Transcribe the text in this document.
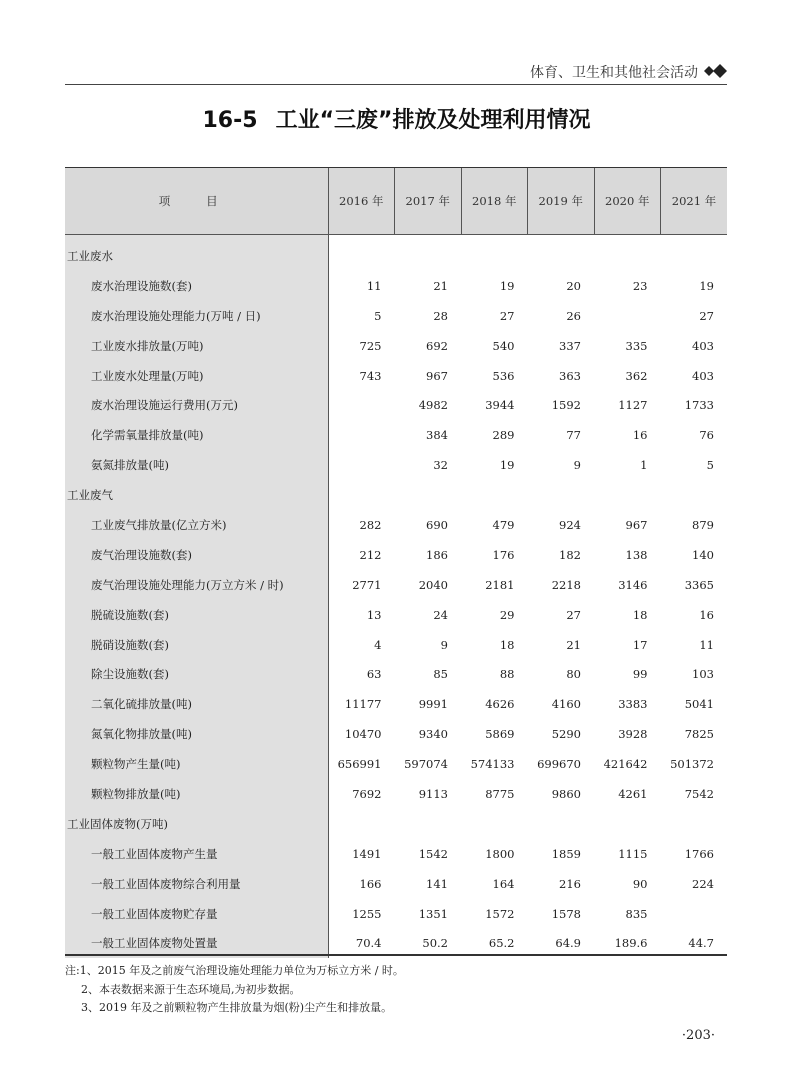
体育、卫生和其他社会活动
16-5 工业“三废”排放及处理利用情况
项 目	2016 年	2017 年	2018 年	2019 年	2020 年	2021 年
工业废水						
废水治理设施数(套)	11	21	19	20	23	19
废水治理设施处理能力(万吨 / 日)	5	28	27	26		27
工业废水排放量(万吨)	725	692	540	337	335	403
工业废水处理量(万吨)	743	967	536	363	362	403
废水治理设施运行费用(万元)		4982	3944	1592	1127	1733
化学需氧量排放量(吨)		384	289	77	16	76
氨氮排放量(吨)		32	19	9	1	5
工业废气						
工业废气排放量(亿立方米)	282	690	479	924	967	879
废气治理设施数(套)	212	186	176	182	138	140
废气治理设施处理能力(万立方米 / 时)	2771	2040	2181	2218	3146	3365
脱硫设施数(套)	13	24	29	27	18	16
脱硝设施数(套)	4	9	18	21	17	11
除尘设施数(套)	63	85	88	80	99	103
二氧化硫排放量(吨)	11177	9991	4626	4160	3383	5041
氮氧化物排放量(吨)	10470	9340	5869	5290	3928	7825
颗粒物产生量(吨)	656991	597074	574133	699670	421642	501372
颗粒物排放量(吨)	7692	9113	8775	9860	4261	7542
工业固体废物(万吨)						
一般工业固体废物产生量	1491	1542	1800	1859	1115	1766
一般工业固体废物综合利用量	166	141	164	216	90	224
一般工业固体废物贮存量	1255	1351	1572	1578	835	
一般工业固体废物处置量	70.4	50.2	65.2	64.9	189.6	44.7
注:1、2015 年及之前废气治理设施处理能力单位为万标立方米 / 时。
2、本表数据来源于生态环境局,为初步数据。
3、2019 年及之前颗粒物产生排放量为烟(粉)尘产生和排放量。
·203·
